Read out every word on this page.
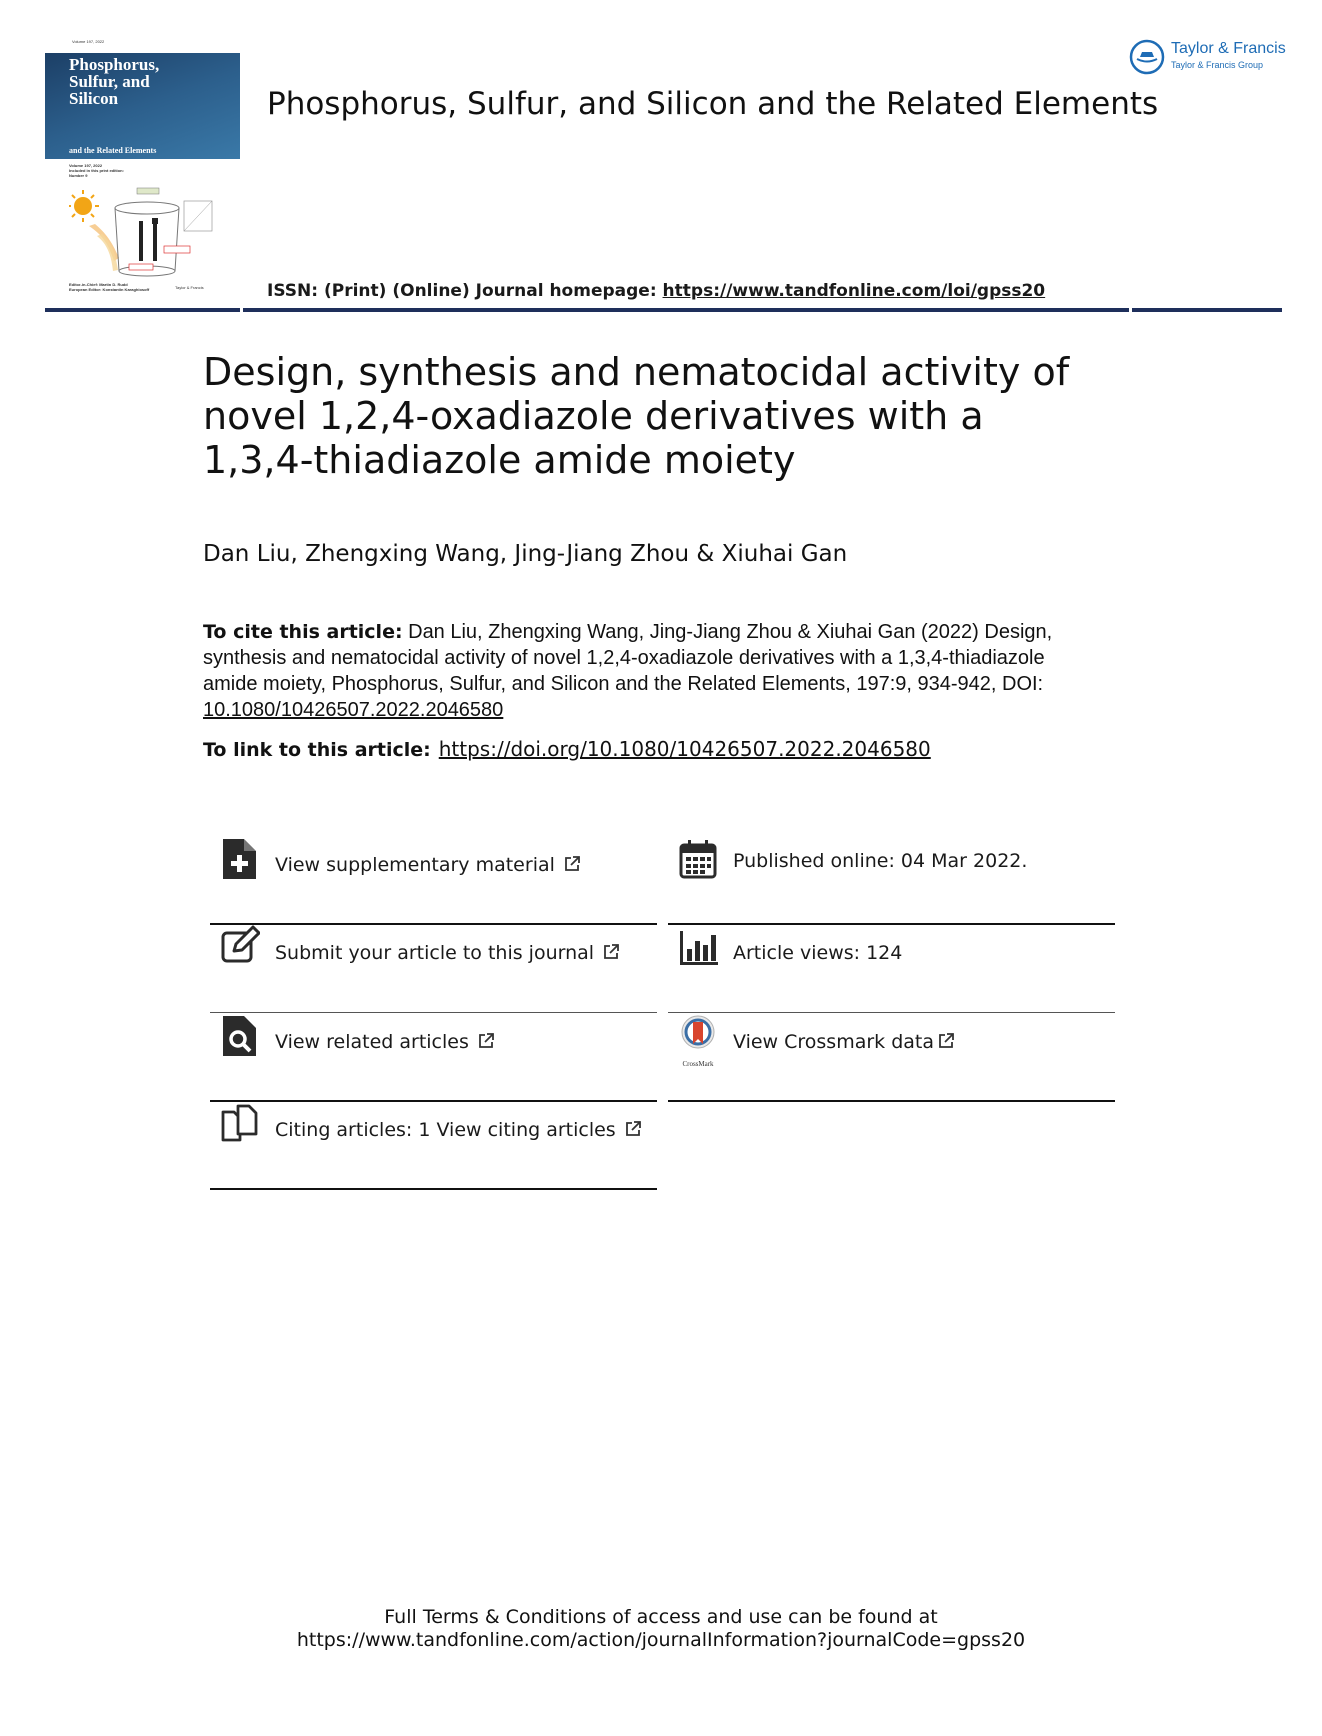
Volume 197, 2022
Phosphorus,
Sulfur, and
Silicon
and the Related Elements
Volume 197, 2022
Included in this print edition:
Number 9
Editor-in-Chief: Martin D. Rudd
European Editor: Konstantin Karaghiosoff	Taylor & Francis
Phosphorus, Sulfur, and Silicon and the Related Elements
ISSN: (Print) (Online) Journal homepage: https://www.tandfonline.com/loi/gpss20
Taylor & Francis
Taylor & Francis Group
Design, synthesis and nematocidal activity of novel 1,2,4-oxadiazole derivatives with a 1,3,4-thiadiazole amide moiety
Dan Liu, Zhengxing Wang, Jing-Jiang Zhou & Xiuhai Gan
To cite this article: Dan Liu, Zhengxing Wang, Jing-Jiang Zhou & Xiuhai Gan (2022) Design, synthesis and nematocidal activity of novel 1,2,4-oxadiazole derivatives with a 1,3,4-thiadiazole amide moiety, Phosphorus, Sulfur, and Silicon and the Related Elements, 197:9, 934-942, DOI: 10.1080/10426507.2022.2046580
To link to this article: https://doi.org/10.1080/10426507.2022.2046580
View supplementary material
Submit your article to this journal
View related articles
Citing articles: 1 View citing articles
Published online: 04 Mar 2022.
Article views: 124
CrossMark
View Crossmark data
Full Terms & Conditions of access and use can be found at
https://www.tandfonline.com/action/journalInformation?journalCode=gpss20
